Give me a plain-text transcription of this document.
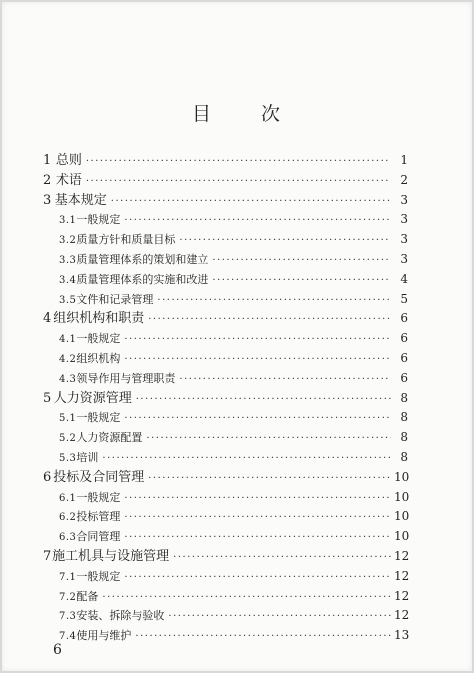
目	次
1 总则 ·····	1
2 术语 ·····	2
3 基本规定 ·····	3
3.1 一般规定 ·····	3
3.2 质量方针和质量目标 ·····	3
3.3 质量管理体系的策划和建立 ·····	3
3.4 质量管理体系的实施和改进 ·····	4
3.5 文件和记录管理 ·····	5
4 组织机构和职责 ·····	6
4.1 一般规定 ·····	6
4.2 组织机构 ·····	6
4.3 领导作用与管理职责 ·····	6
5 人力资源管理 ·····	8
5.1 一般规定 ·····	8
5.2 人力资源配置 ·····	8
5.3 培训 ·····	8
6 投标及合同管理 ·····	10
6.1 一般规定 ·····	10
6.2 投标管理 ·····	10
6.3 合同管理 ·····	10
7 施工机具与设施管理 ·····	12
7.1 一般规定 ·····	12
7.2 配备 ·····	12
7.3 安装、拆除与验收 ·····	12
7.4 使用与维护 ·····	13
6
